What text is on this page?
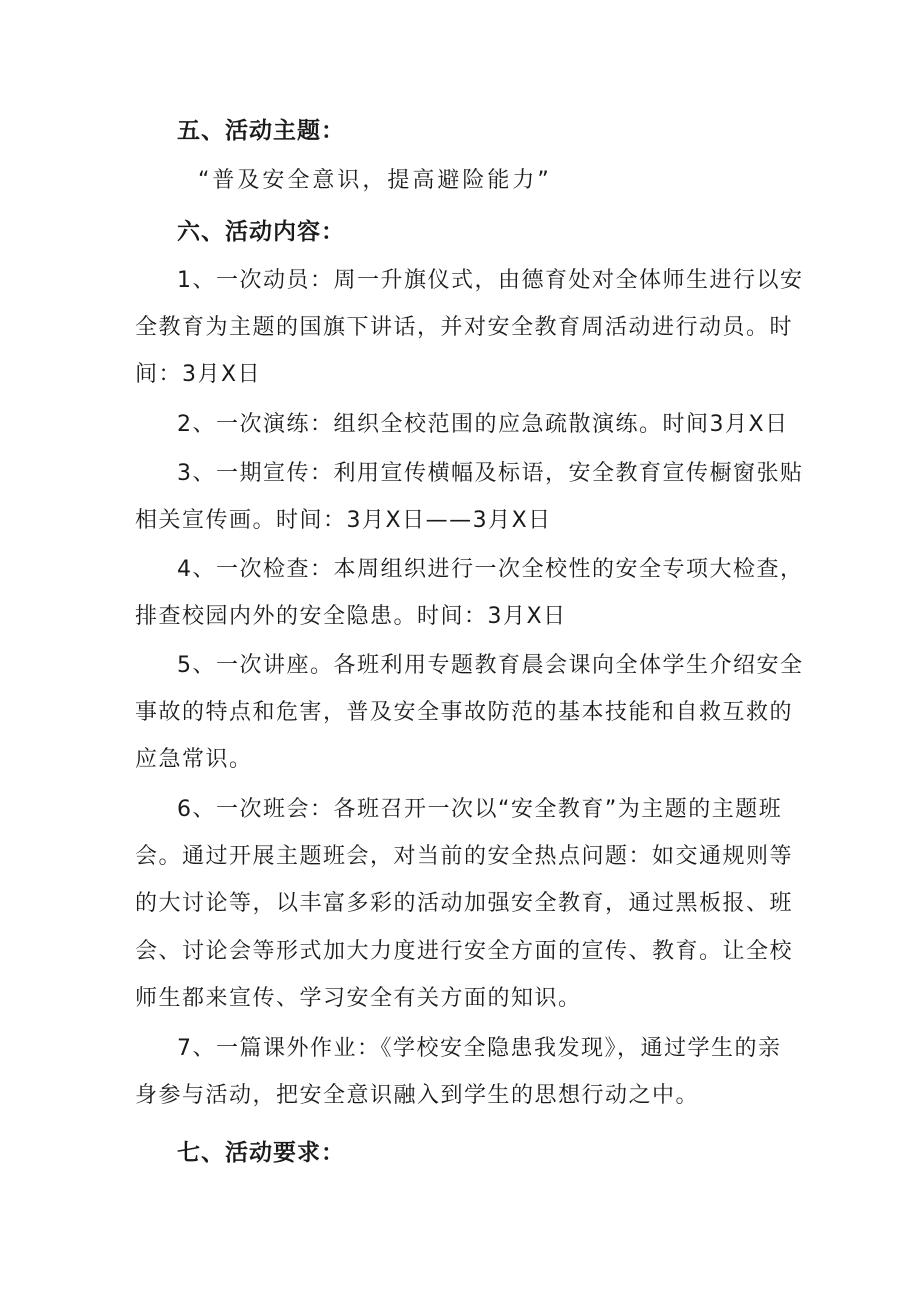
五、活动主题：
“普及安全意识，提高避险能力”
六、活动内容：
1、一次动员：周一升旗仪式，由德育处对全体师生进行以安
全教育为主题的国旗下讲话，并对安全教育周活动进行动员。时
间：3月X日
2、一次演练：组织全校范围的应急疏散演练。时间3月X日
3、一期宣传：利用宣传横幅及标语，安全教育宣传橱窗张贴
相关宣传画。时间：3月X日——3月X日
4、一次检查：本周组织进行一次全校性的安全专项大检查，
排查校园内外的安全隐患。时间：3月X日
5、一次讲座。各班利用专题教育晨会课向全体学生介绍安全
事故的特点和危害，普及安全事故防范的基本技能和自救互救的
应急常识。
6、一次班会：各班召开一次以“安全教育”为主题的主题班
会。通过开展主题班会，对当前的安全热点问题：如交通规则等
的大讨论等，以丰富多彩的活动加强安全教育，通过黑板报、班
会、讨论会等形式加大力度进行安全方面的宣传、教育。让全校
师生都来宣传、学习安全有关方面的知识。
7、一篇课外作业：《学校安全隐患我发现》，通过学生的亲
身参与活动，把安全意识融入到学生的思想行动之中。
七、活动要求：
